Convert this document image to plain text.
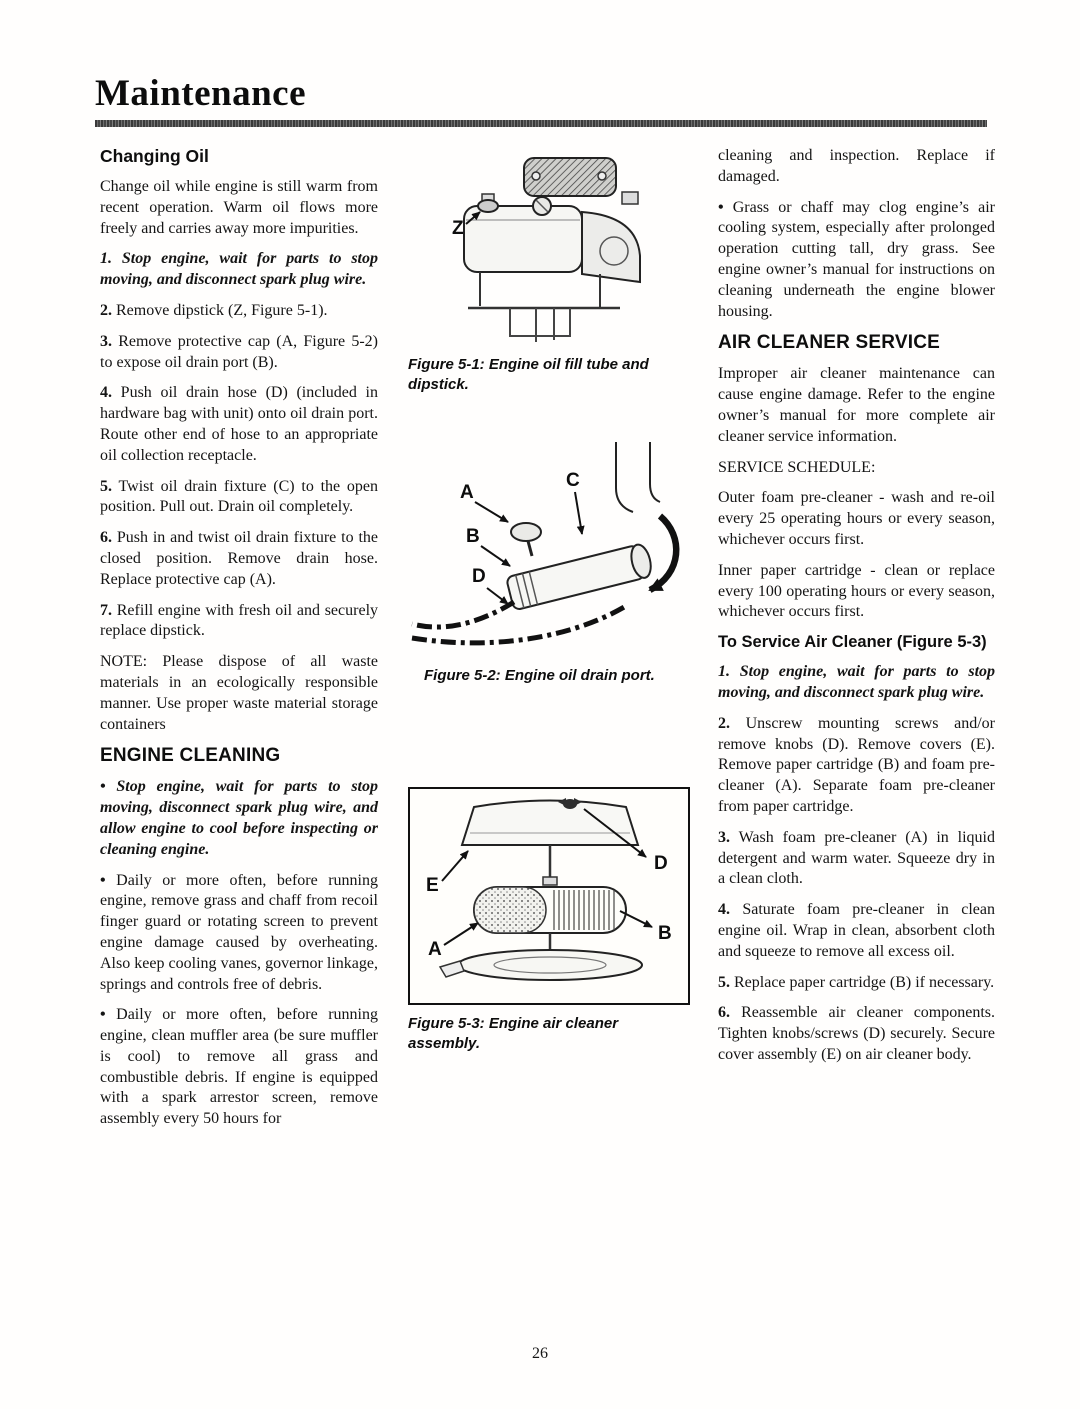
Maintenance
Changing Oil

Change oil while engine is still warm from recent operation. Warm oil flows more freely and carries away more impurities.

1. Stop engine, wait for parts to stop moving, and disconnect spark plug wire.

2. Remove dipstick (Z, Figure 5-1).

3. Remove protective cap (A, Figure 5-2) to expose oil drain port (B).

4. Push oil drain hose (D) (included in hardware bag with unit) onto oil drain port. Route other end of hose to an appropriate oil collection receptacle.

5. Twist oil drain fixture (C) to the open position. Pull out. Drain oil completely.

6. Push in and twist oil drain fixture to the closed position. Remove drain hose. Replace protective cap (A).

7. Refill engine with fresh oil and securely replace dipstick.

NOTE: Please dispose of all waste materials in an ecologically responsible manner. Use proper waste material storage containers

ENGINE CLEANING

• Stop engine, wait for parts to stop moving, disconnect spark plug wire, and allow engine to cool before inspecting or cleaning engine.

• Daily or more often, before running engine, remove grass and chaff from recoil finger guard or rotating screen to prevent engine damage caused by overheating. Also keep cooling vanes, governor linkage, springs and controls free of debris.

• Daily or more often, before running engine, clean muffler area (be sure muffler is cool) to remove all grass and combustible debris. If engine is equipped with a spark arrestor screen, remove assembly every 50 hours for

Z
Figure 5-1: Engine oil fill tube and dipstick.
A
C
B
D
Figure 5-2: Engine oil drain port.
E
D
A
B
Figure 5-3: Engine air cleaner assembly.

cleaning and inspection. Replace if damaged.

• Grass or chaff may clog engine’s air cooling system, especially after prolonged operation cutting tall, dry grass. See engine owner’s manual for instructions on cleaning underneath the engine blower housing.

AIR CLEANER SERVICE

Improper air cleaner maintenance can cause engine damage. Refer to the engine owner’s manual for more complete air cleaner service information.

SERVICE SCHEDULE:

Outer foam pre-cleaner - wash and re-oil every 25 operating hours or every season, whichever occurs first.

Inner paper cartridge - clean or replace every 100 operating hours or every season, whichever occurs first.

To Service Air Cleaner (Figure 5-3)

1. Stop engine, wait for parts to stop moving, and disconnect spark plug wire.

2. Unscrew mounting screws and/or remove knobs (D). Remove covers (E). Remove paper cartridge (B) and foam pre-cleaner (A). Separate foam pre-cleaner from paper cartridge.

3. Wash foam pre-cleaner (A) in liquid detergent and warm water. Squeeze dry in a clean cloth.

4. Saturate foam pre-cleaner in clean engine oil. Wrap in clean, absorbent cloth and squeeze to remove all excess oil.

5. Replace paper cartridge (B) if necessary.

6. Reassemble air cleaner components. Tighten knobs/screws (D) securely. Secure cover assembly (E) on air cleaner body.

26
